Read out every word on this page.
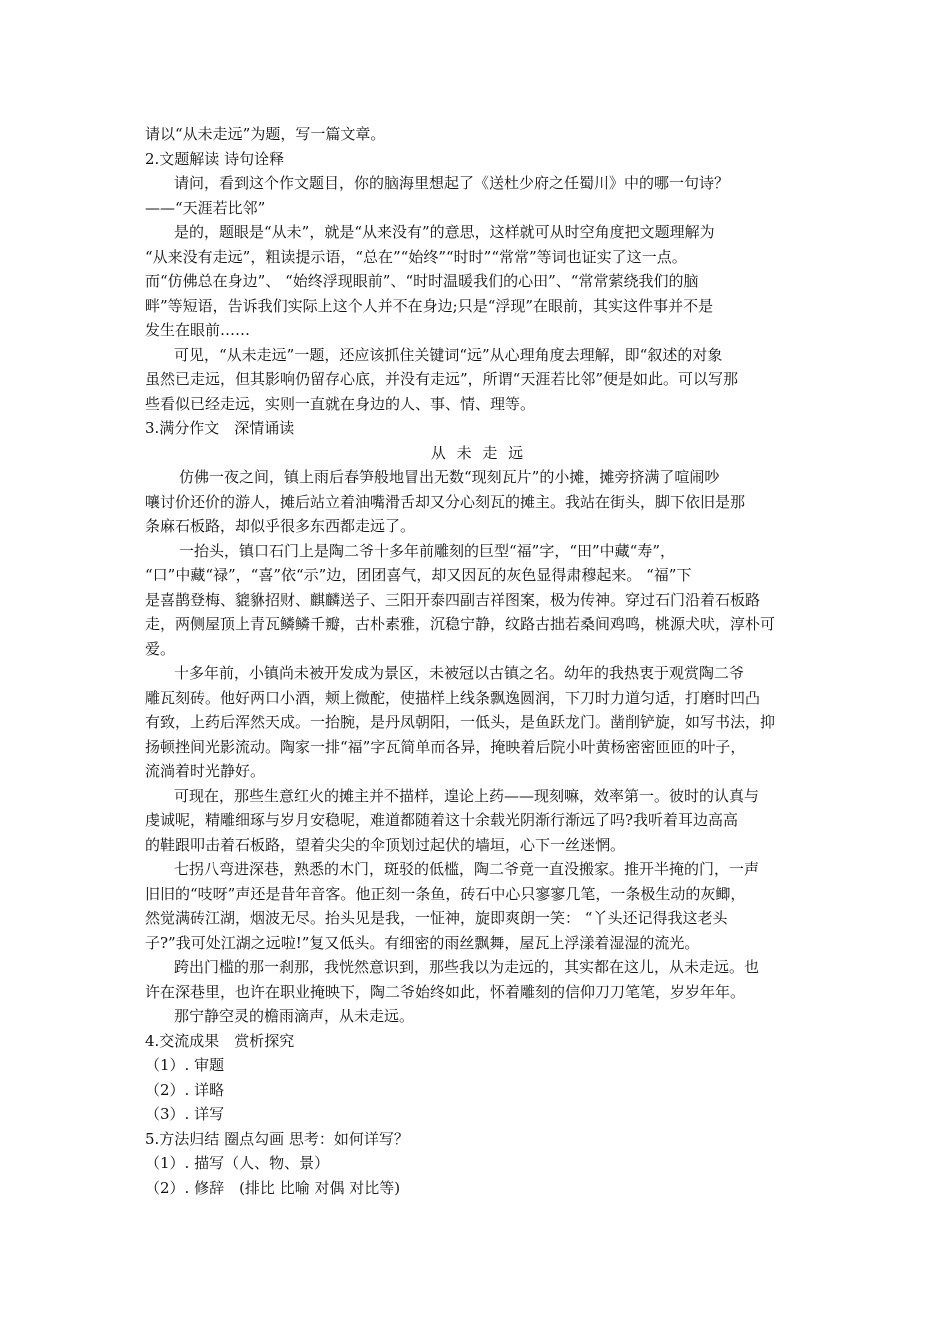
请以“从未走远”为题，写一篇文章。

2.文题解读 诗句诠释

请问，看到这个作文题目，你的脑海里想起了《送杜少府之任蜀川》中的哪一句诗？

——“天涯若比邻”

是的，题眼是“从未”，就是“从来没有”的意思，这样就可从时空角度把文题理解为

“从来没有走远”，粗读提示语，“总在”“始终”“时时”“常常”等词也证实了这一点。

而“仿佛总在身边”、 “始终浮现眼前”、“时时温暖我们的心田”、“常常萦绕我们的脑

畔”等短语，告诉我们实际上这个人并不在身边;只是“浮现”在眼前，其实这件事并不是

发生在眼前……

可见，“从未走远”一题，还应该抓住关键词“远”从心理角度去理解，即“叙述的对象

虽然已走远，但其影响仍留存心底，并没有走远”，所谓“天涯若比邻”便是如此。可以写那

些看似已经走远，实则一直就在身边的人、事、情、理等。

3.满分作文　深情诵读

从 未 走 远

仿佛一夜之间，镇上雨后春笋般地冒出无数“现刻瓦片”的小摊，摊旁挤满了喧闹吵

嚷讨价还价的游人，摊后站立着油嘴滑舌却又分心刻瓦的摊主。我站在街头，脚下依旧是那

条麻石板路，却似乎很多东西都走远了。

一抬头，镇口石门上是陶二爷十多年前雕刻的巨型“福”字，“田”中藏“寿”，

“口”中藏“禄”，“喜”依“示”边，团团喜气，却又因瓦的灰色显得肃穆起来。 “福”下

是喜鹊登梅、貔貅招财、麒麟送子、三阳开泰四副吉祥图案，极为传神。穿过石门沿着石板路

走，两侧屋顶上青瓦鳞鳞千瓣，古朴素雅，沉稳宁静，纹路古拙若桑间鸡鸣，桃源犬吠，淳朴可

爱。

十多年前，小镇尚未被开发成为景区，未被冠以古镇之名。幼年的我热衷于观赏陶二爷

雕瓦刻砖。他好两口小酒，颊上微酡，使描样上线条飘逸圆润，下刀时力道匀适，打磨时凹凸

有致，上药后浑然天成。一抬腕，是丹凤朝阳，一低头，是鱼跃龙门。凿削铲旋，如写书法，抑

扬顿挫间光影流动。陶家一排“福”字瓦简单而各异，掩映着后院小叶黄杨密密匝匝的叶子，

流淌着时光静好。

可现在，那些生意红火的摊主并不描样，遑论上药——现刻嘛，效率第一。彼时的认真与

虔诚呢，精雕细琢与岁月安稳呢，难道都随着这十余载光阴渐行渐远了吗?我听着耳边高高

的鞋跟叩击着石板路，望着尖尖的伞顶划过起伏的墙垣，心下一丝迷惘。

七拐八弯进深巷，熟悉的木门，斑驳的低槛，陶二爷竟一直没搬家。推开半掩的门，一声

旧旧的“吱呀”声还是昔年音客。他正刻一条鱼，砖石中心只寥寥几笔，一条极生动的灰鲫，

然觉满砖江湖，烟波无尽。抬头见是我，一怔神，旋即爽朗一笑： “丫头还记得我这老头

子?”我可处江湖之远啦!”复又低头。有细密的雨丝飘舞，屋瓦上浮漾着湿湿的流光。

跨出门槛的那一刹那，我恍然意识到，那些我以为走远的，其实都在这儿，从未走远。也

许在深巷里，也许在职业掩映下，陶二爷始终如此，怀着雕刻的信仰刀刀笔笔，岁岁年年。

那宁静空灵的檐雨滴声，从未走远。

4.交流成果　赏析探究

（1）. 审题

（2）. 详略

（3）. 详写

5.方法归结 圈点勾画 思考：如何详写？

（1）. 描写（人、物、景）

（2）. 修辞　(排比 比喻 对偶 对比等)
